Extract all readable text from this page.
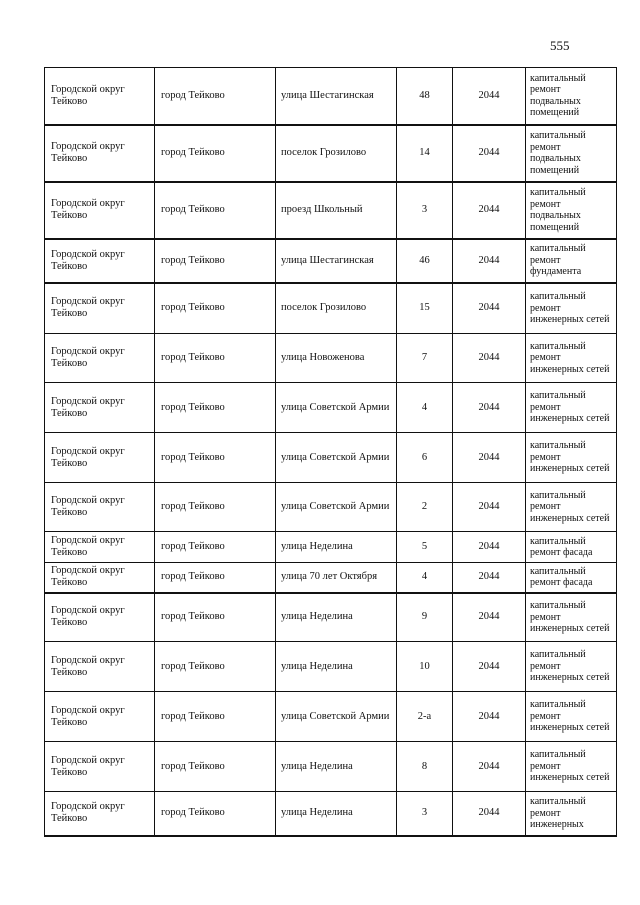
555
Городской округ Тейково	город Тейково	улица Шестагинская	48	2044	капитальный ремонт подвальных помещений
Городской округ Тейково	город Тейково	поселок Грозилово	14	2044	капитальный ремонт подвальных помещений
Городской округ Тейково	город Тейково	проезд Школьный	3	2044	капитальный ремонт подвальных помещений
Городской округ Тейково	город Тейково	улица Шестагинская	46	2044	капитальный ремонт фундамента
Городской округ Тейково	город Тейково	поселок Грозилово	15	2044	капитальный ремонт инженерных сетей
Городской округ Тейково	город Тейково	улица Новоженова	7	2044	капитальный ремонт инженерных сетей
Городской округ Тейково	город Тейково	улица Советской Армии	4	2044	капитальный ремонт инженерных сетей
Городской округ Тейково	город Тейково	улица Советской Армии	6	2044	капитальный ремонт инженерных сетей
Городской округ Тейково	город Тейково	улица Советской Армии	2	2044	капитальный ремонт инженерных сетей
Городской округ Тейково	город Тейково	улица Неделина	5	2044	капитальный ремонт фасада
Городской округ Тейково	город Тейково	улица 70 лет Октября	4	2044	капитальный ремонт фасада
Городской округ Тейково	город Тейково	улица Неделина	9	2044	капитальный ремонт инженерных сетей
Городской округ Тейково	город Тейково	улица Неделина	10	2044	капитальный ремонт инженерных сетей
Городской округ Тейково	город Тейково	улица Советской Армии	2-а	2044	капитальный ремонт инженерных сетей
Городской округ Тейково	город Тейково	улица Неделина	8	2044	капитальный ремонт инженерных сетей
Городской округ Тейково	город Тейково	улица Неделина	3	2044	капитальный ремонт инженерных
